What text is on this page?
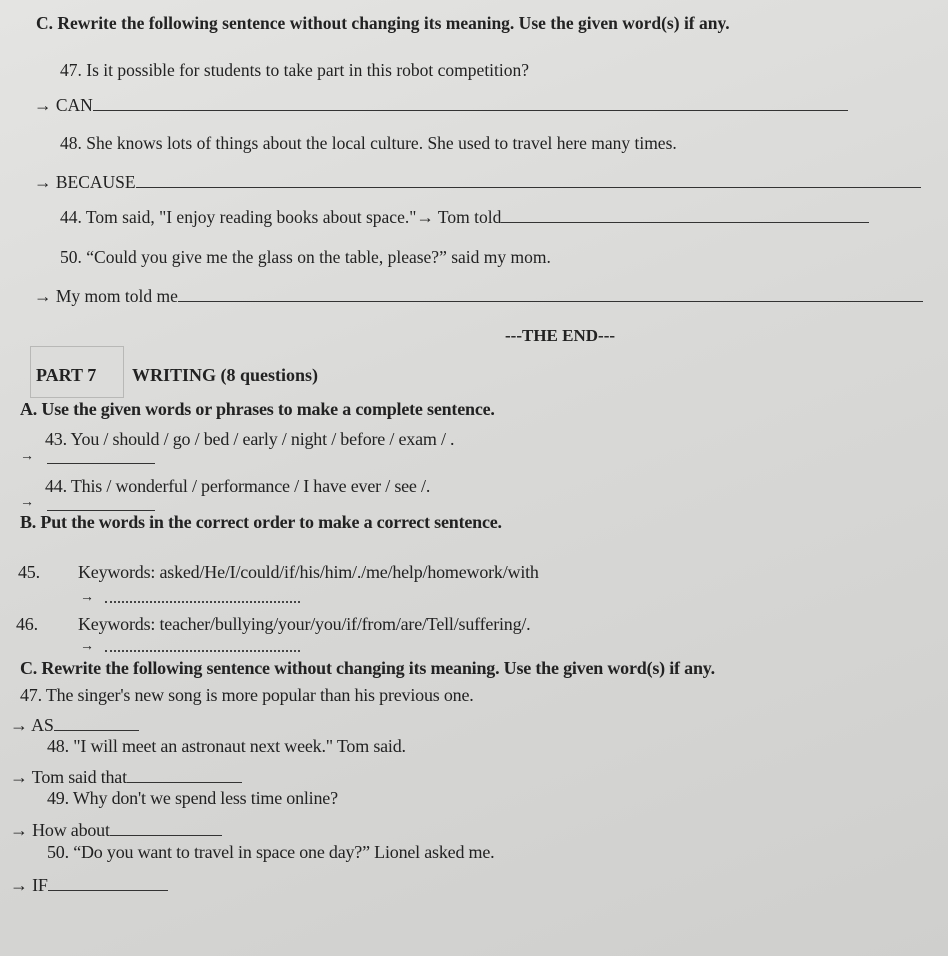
C. Rewrite the following sentence without changing its meaning. Use the given word(s) if any.
47. Is it possible for students to take part in this robot competition?
→ CAN
48. She knows lots of things about the local culture. She used to travel here many times.
→ BECAUSE
44. Tom said, "I enjoy reading books about space."→ Tom told
50. “Could you give me the glass on the table, please?” said my mom.
→ My mom told me
---THE END---
PART 7 WRITING (8 questions)
A. Use the given words or phrases to make a complete sentence.
43. You / should / go / bed / early / night / before / exam / .
→
44. This / wonderful / performance / I have ever / see /.
→
B. Put the words in the correct order to make a correct sentence.
45. Keywords: asked/He/I/could/if/his/him/./me/help/homework/with
→
46. Keywords: teacher/bullying/your/you/if/from/are/Tell/suffering/.
→
C. Rewrite the following sentence without changing its meaning. Use the given word(s) if any.
47. The singer's new song is more popular than his previous one.
→ AS
48. "I will meet an astronaut next week." Tom said.
→ Tom said that
49. Why don't we spend less time online?
→ How about
50. “Do you want to travel in space one day?” Lionel asked me.
→ IF
